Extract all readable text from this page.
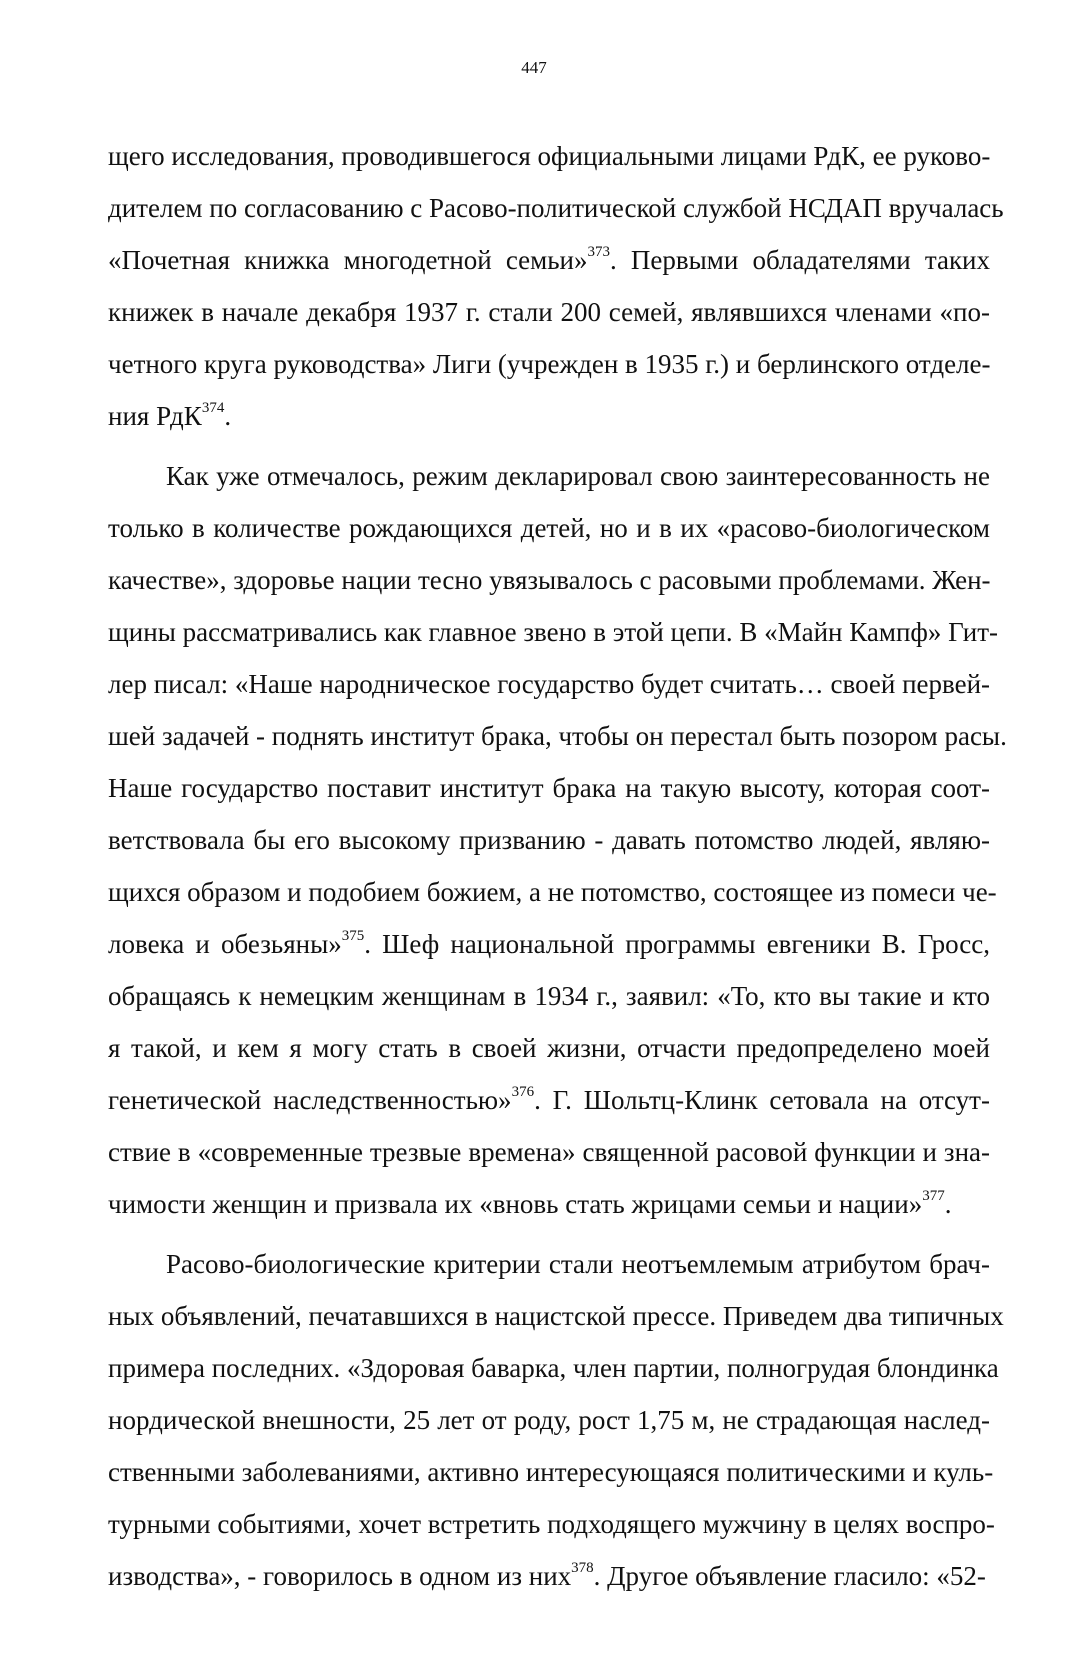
447
щего исследования, проводившегося официальными лицами РдК, ее руково-
дителем по согласованию с Расово-политической службой НСДАП вручалась
«Почетная книжка многодетной семьи»$^{373}$. Первыми обладателями таких
книжек в начале декабря 1937 г. стали 200 семей, являвшихся членами «по-
четного круга руководства» Лиги (учрежден в 1935 г.) и берлинского отделе-
ния РдК$^{374}$.
Как уже отмечалось, режим декларировал свою заинтересованность не
только в количестве рождающихся детей, но и в их «расово-биологическом
качестве», здоровье нации тесно увязывалось с расовыми проблемами. Жен-
щины рассматривались как главное звено в этой цепи. В «Майн Кампф» Гит-
лер писал: «Наше народническое государство будет считать… своей первей-
шей задачей - поднять институт брака, чтобы он перестал быть позором расы.
Наше государство поставит институт брака на такую высоту, которая соот-
ветствовала бы его высокому призванию - давать потомство людей, являю-
щихся образом и подобием божием, а не потомство, состоящее из помеси че-
ловека и обезьяны»$^{375}$. Шеф национальной программы евгеники В. Гросс,
обращаясь к немецким женщинам в 1934 г., заявил: «То, кто вы такие и кто
я такой, и кем я могу стать в своей жизни, отчасти предопределено моей
генетической наследственностью»$^{376}$. Г. Шольтц-Клинк сетовала на отсут-
ствие в «современные трезвые времена» священной расовой функции и зна-
чимости женщин и призвала их «вновь стать жрицами семьи и нации»$^{377}$.
Расово-биологические критерии стали неотъемлемым атрибутом брач-
ных объявлений, печатавшихся в нацистской прессе. Приведем два типичных
примера последних. «Здоровая баварка, член партии, полногрудая блондинка
нордической внешности, 25 лет от роду, рост 1,75 м, не страдающая наслед-
ственными заболеваниями, активно интересующаяся политическими и куль-
турными событиями, хочет встретить подходящего мужчину в целях воспро-
изводства», - говорилось в одном из них$^{378}$. Другое объявление гласило: «52-
